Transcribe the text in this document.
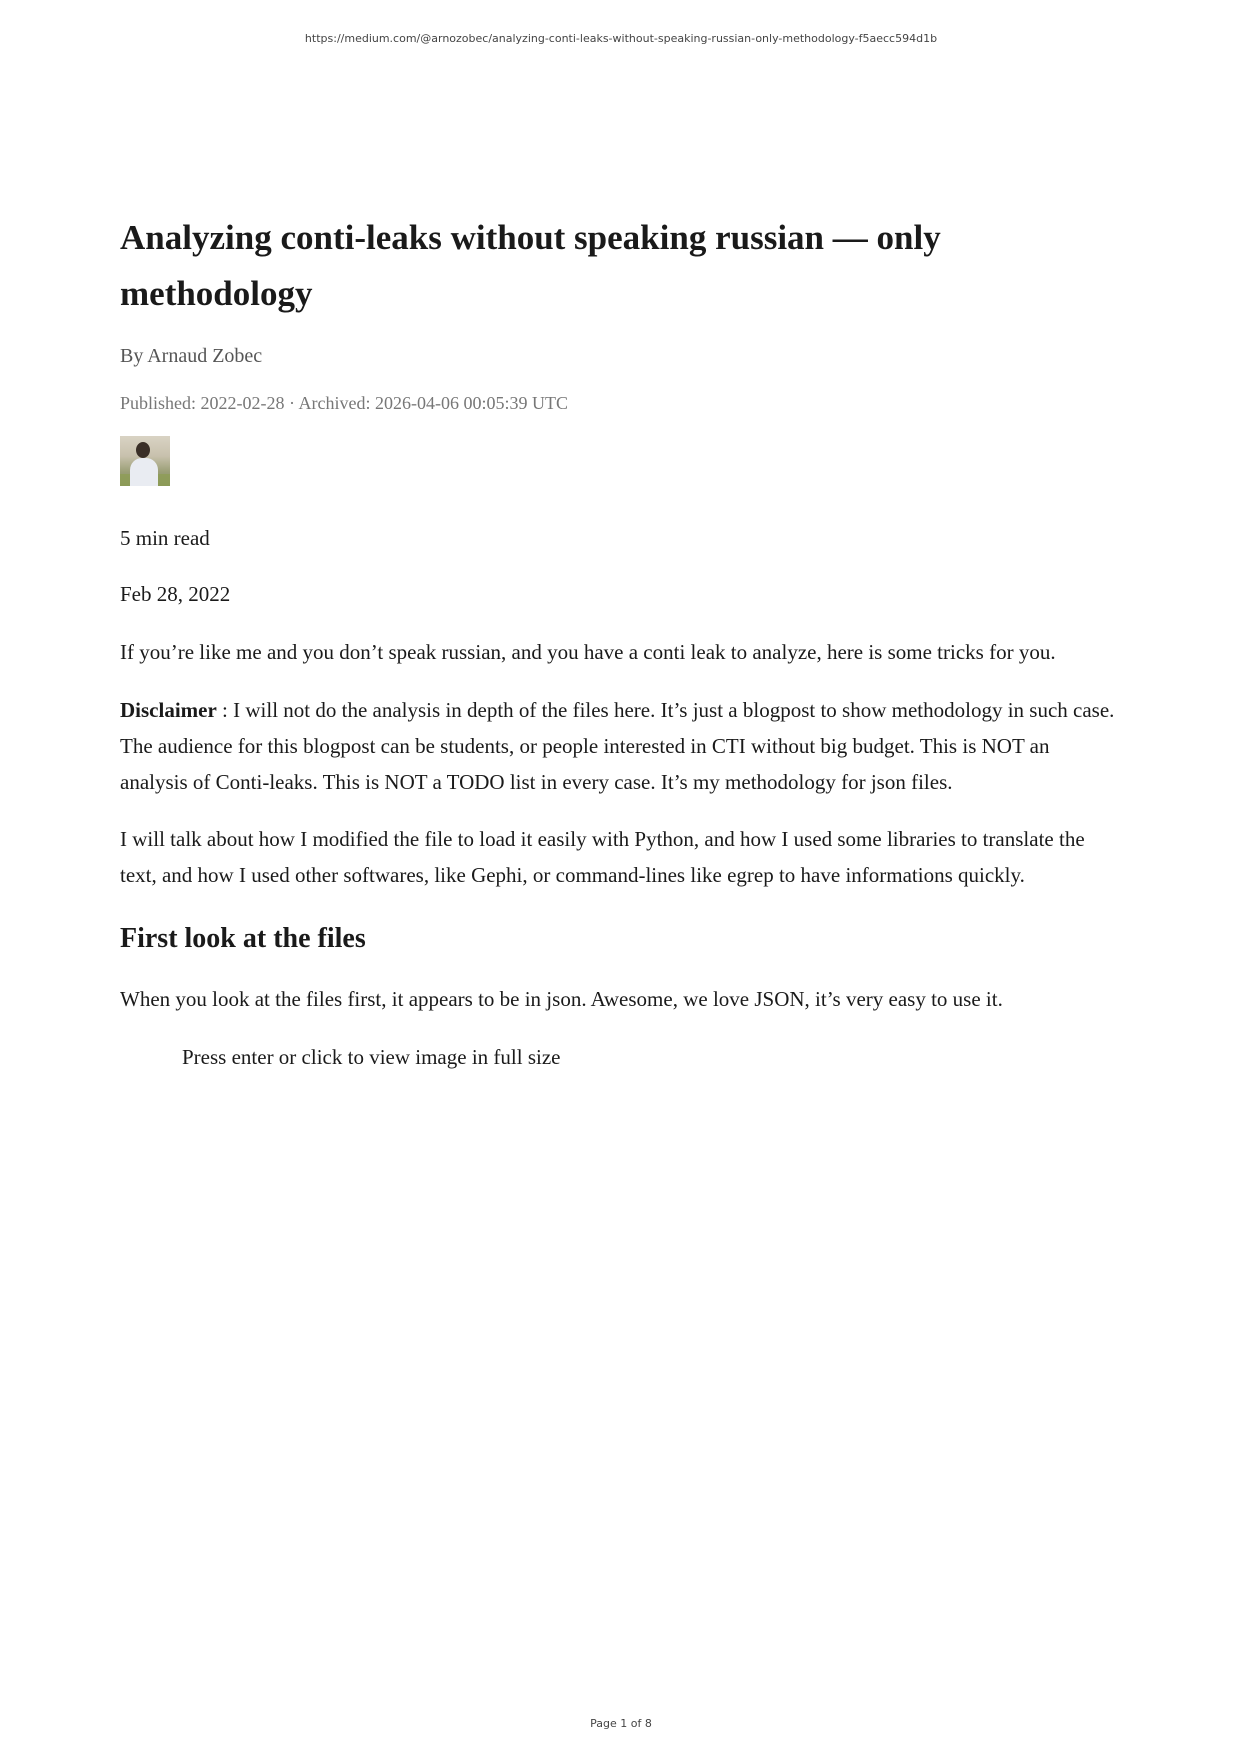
https://medium.com/@arnozobec/analyzing-conti-leaks-without-speaking-russian-only-methodology-f5aecc594d1b
Analyzing conti-leaks without speaking russian — only methodology
By Arnaud Zobec
Published: 2022-02-28 · Archived: 2026-04-06 00:05:39 UTC

5 min read

Feb 28, 2022

If you’re like me and you don’t speak russian, and you have a conti leak to analyze, here is some tricks for you.

Disclaimer : I will not do the analysis in depth of the files here. It’s just a blogpost to show methodology in such case. The audience for this blogpost can be students, or people interested in CTI without big budget. This is NOT an analysis of Conti-leaks. This is NOT a TODO list in every case. It’s my methodology for json files.

I will talk about how I modified the file to load it easily with Python, and how I used some libraries to translate the text, and how I used other softwares, like Gephi, or command-lines like egrep to have informations quickly.

First look at the files

When you look at the files first, it appears to be in json. Awesome, we love JSON, it’s very easy to use it.

Press enter or click to view image in full size

Page 1 of 8
